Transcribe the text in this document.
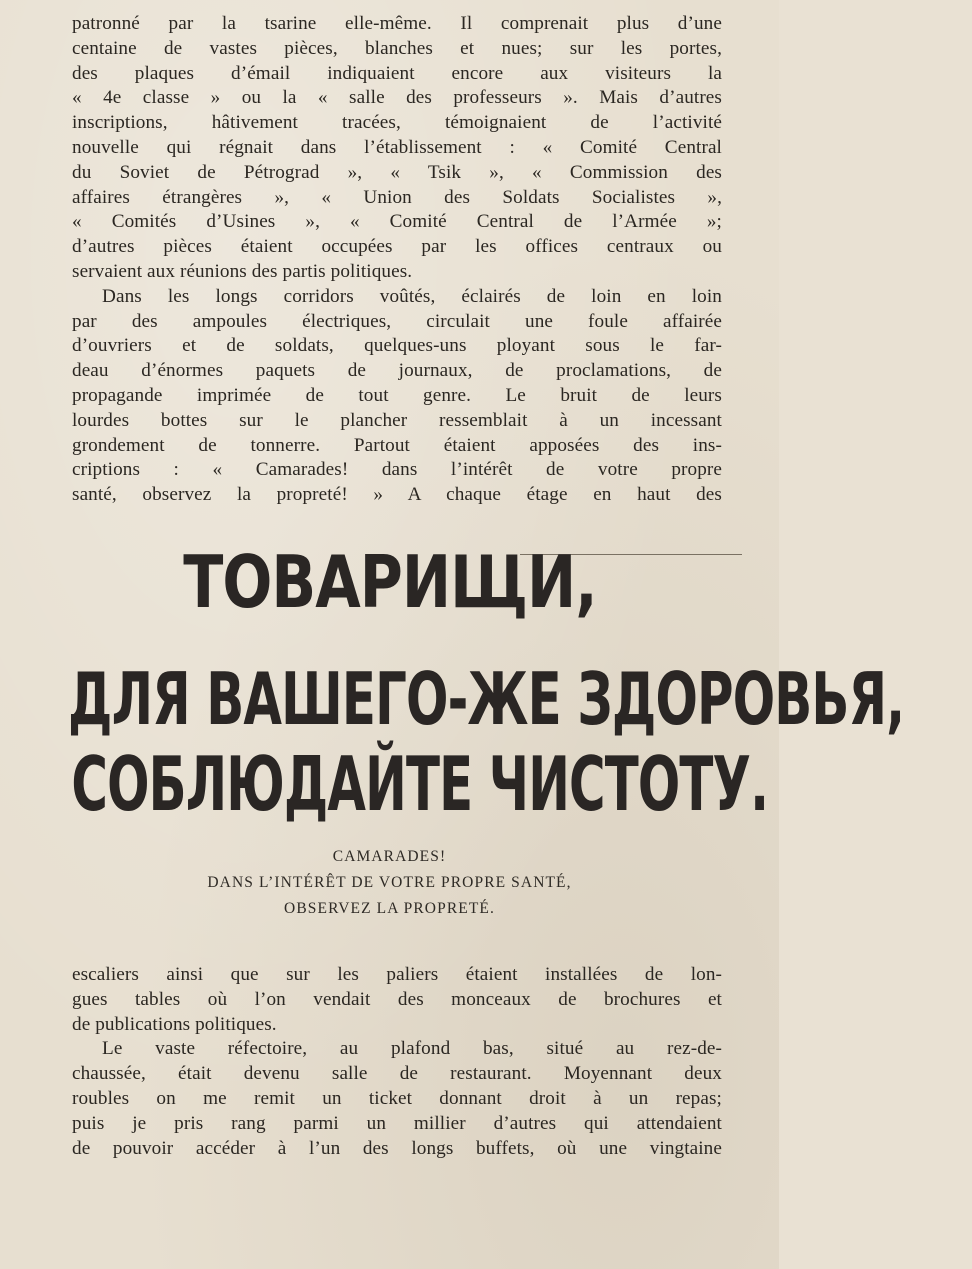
patronné par la tsarine elle-même. Il comprenait plus d’une
centaine de vastes pièces, blanches et nues; sur les portes,
des plaques d’émail indiquaient encore aux visiteurs la
« 4e classe » ou la « salle des professeurs ». Mais d’autres
inscriptions, hâtivement tracées, témoignaient de l’activité
nouvelle qui régnait dans l’établissement : « Comité Central
du Soviet de Pétrograd », « Tsik », « Commission des
affaires étrangères », « Union des Soldats Socialistes »,
« Comités d’Usines », « Comité Central de l’Armée »;
d’autres pièces étaient occupées par les offices centraux ou
servaient aux réunions des partis politiques.
Dans les longs corridors voûtés, éclairés de loin en loin
par des ampoules électriques, circulait une foule affairée
d’ouvriers et de soldats, quelques-uns ployant sous le far-
deau d’énormes paquets de journaux, de proclamations, de
propagande imprimée de tout genre. Le bruit de leurs
lourdes bottes sur le plancher ressemblait à un incessant
grondement de tonnerre. Partout étaient apposées des ins-
criptions : « Camarades! dans l’intérêt de votre propre
santé, observez la propreté! » A chaque étage en haut des
ТОВАРИЩИ,
ДЛЯ ВАШЕГО-ЖЕ ЗДОРОВЬЯ,
СОБЛЮДАЙТЕ ЧИСТОТУ.
CAMARADES!
DANS L’INTÉRÊT DE VOTRE PROPRE SANTÉ,
OBSERVEZ LA PROPRETÉ.
escaliers ainsi que sur les paliers étaient installées de lon-
gues tables où l’on vendait des monceaux de brochures et
de publications politiques.
Le vaste réfectoire, au plafond bas, situé au rez-de-
chaussée, était devenu salle de restaurant. Moyennant deux
roubles on me remit un ticket donnant droit à un repas;
puis je pris rang parmi un millier d’autres qui attendaient
de pouvoir accéder à l’un des longs buffets, où une vingtaine
